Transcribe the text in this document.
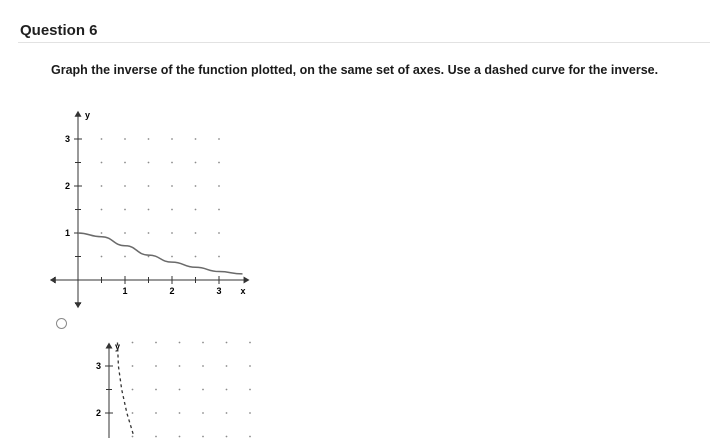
Question 6
Graph the inverse of the function plotted, on the same set of axes. Use a dashed curve for the inverse.
y
x
1	2	3
1
2
3
y
3
2
